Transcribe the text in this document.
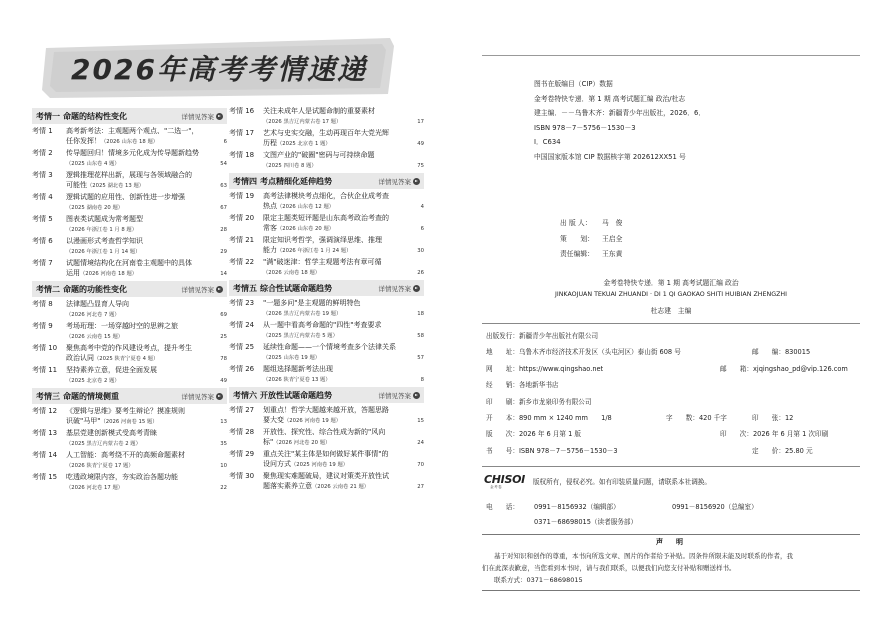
2026年高考考情速递
考情一 命题的结构性变化	详情见答案
考情 1	高考新考法：主观题两个观点、"二选一"，
任你发挥！（2026 山东卷 18 题）	6
考情 2	传导题回归！情境多元化成为传导题新趋势
（2025 山东卷 4 题）	54
考情 3	逻辑推理花样出新，展现与各领域融合的
可能性（2025 湖北卷 13 题）	63
考情 4	逻辑试题的应用性、创新性进一步增强
（2025 湖南卷 20 题）	67
考情 5	图表类试题成为常考题型
（2026 年浙江卷 1 月 8 题）	28
考情 6	以漫画形式考查哲学知识
（2026 年浙江卷 1 月 14 题）	29
考情 7	试题情境结构化在河南卷主观题中的具体
运用（2026 河南卷 18 题）	14
考情二 命题的功能性变化	详情见答案
考情 8	法律题凸显育人导向
（2026 河北卷 7 题）	69
考情 9	考场珩理：一场穿越时空的思辨之旅
（2026 云南卷 15 题）	25
考情 10	聚焦高考中党的作风建设考点，提升考生
政治认同（2025 陕青宁夏卷 4 题）	78
考情 11	坚持素养立意，促进全面发展
（2025 北京卷 2 题）	49
考情三 命题的情境侧重	详情见答案
考情 12	《逻辑与思维》要考生辩论？摸准规则
识破"马甲"（2026 河南卷 15 题）	13
考情 13	基层党建创新模式受高考青睐
（2025 黑吉辽内蒙古卷 2 题）	35
考情 14	人工智能：高考绕不开的高频命题素材
（2026 陕青宁夏卷 17 题）	10
考情 15	吃透政境限内容，夯实政治各题功能
（2026 河北卷 17 题）	22
考情 16	关注未成年人是试题命制的重要素材
（2026 黑吉辽内蒙古卷 17 题）	17
考情 17	艺术与史实交融，生动再现百年大党光辉
历程（2025 北京卷 1 题）	49
考情 18	文图产业的"破圈"密码与可持续命题
（2025 四川卷 8 题）	75
考情四 考点精细化延伸趋势	详情见答案
考情 19	高考法律模块考点细化，合伙企业成考查
热点（2026 山东卷 12 题）	4
考情 20	限定主题类短评题是山东高考政治考查的
常客（2026 山东卷 20 题）	6
考情 21	限定知识考哲学，强调演绎思维、推理
能力（2026 年浙江卷 1 月 24 题）	30
考情 22	"满"破迷津：哲学主观题考法有章可循
（2026 云南卷 18 题）	26
考情五 综合性试题命题趋势	详情见答案
考情 23	"一题多问"是主观题的鲜明特色
（2026 黑吉辽内蒙古卷 19 题）	18
考情 24	从一题中看高考命题的"四性"考查要求
（2025 黑吉辽内蒙古卷 5 题）	58
考情 25	延续性命题——一个情境考查多个法律关系
（2025 山东卷 19 题）	57
考情 26	题组选择题新考法出现
（2026 陕青宁夏卷 13 题）	8
考情六 开放性试题命题趋势	详情见答案
考情 27	划重点！哲学大题越来越开放，答题思路
要大变（2026 河南卷 19 题）	15
考情 28	开放性、探究性、综合性成为新的"风向
标"（2026 河北卷 20 题）	24
考情 29	重点关注"某主体是如何做好某件事情"的
设问方式（2025 河南卷 19 题）	70
考情 30	聚焦现实难题破局，建议对策类开放性试
题落实素养立意（2026 云南卷 21 题）	27
图书在版编目（CIP）数据
金考卷特快专递．第 1 期 高考试题汇编 政治/杜志
建主编．－－乌鲁木齐：新疆青少年出版社，2026．6．
ISBN 978－7－5756－1530－3
Ⅰ．C634
中国国家版本馆 CIP 数据核字第 202612XX51 号
出 版 人： 马　俊
策　　划： 王启全
责任编辑： 王东黄
金考卷特快专递．第 1 期 高考试题汇编 政治
JINKAOJUAN TEKUAI ZHUANDI · DI 1 QI GAOKAO SHITI HUIBIAN ZHENGZHI
杜志建　主编
出版发行：新疆青少年出版社有限公司
地　　址：乌鲁木齐市经济技术开发区（头屯河区）泰山街 608 号	邮　　编：830015
网　　址：https://www.qingshao.net	邮　　箱：xjqingshao_pd@vip.126.com
经　　销：各地新华书店
印　　刷：新乡市龙泉印务有限公司
开　　本：890 mm × 1240 mm　　1/8	字　　数：420 千字	印　　张：12
版　　次：2026 年 6 月第 1 版	印　　次：2026 年 6 月第 1 次印刷
书　　号：ISBN 978－7－5756－1530－3	定　　价：25.80 元
CHISOI
金考卷
版权所有，侵权必究。如有印装质量问题，请联系本社调换。
电　　话： 0991－8156932（编辑部）	0991－8156920（总编室）
0371－68698015（读者服务部）
声　明
基于对知识和创作的尊重，本书向所选文章、图片的作者给予补贴。因条件所限未能及时联系的作者，我
们在此深表歉意，当您看到本书时，请与我们联系，以便我们向您支付补贴和赠送样书。
联系方式：0371－68698015
